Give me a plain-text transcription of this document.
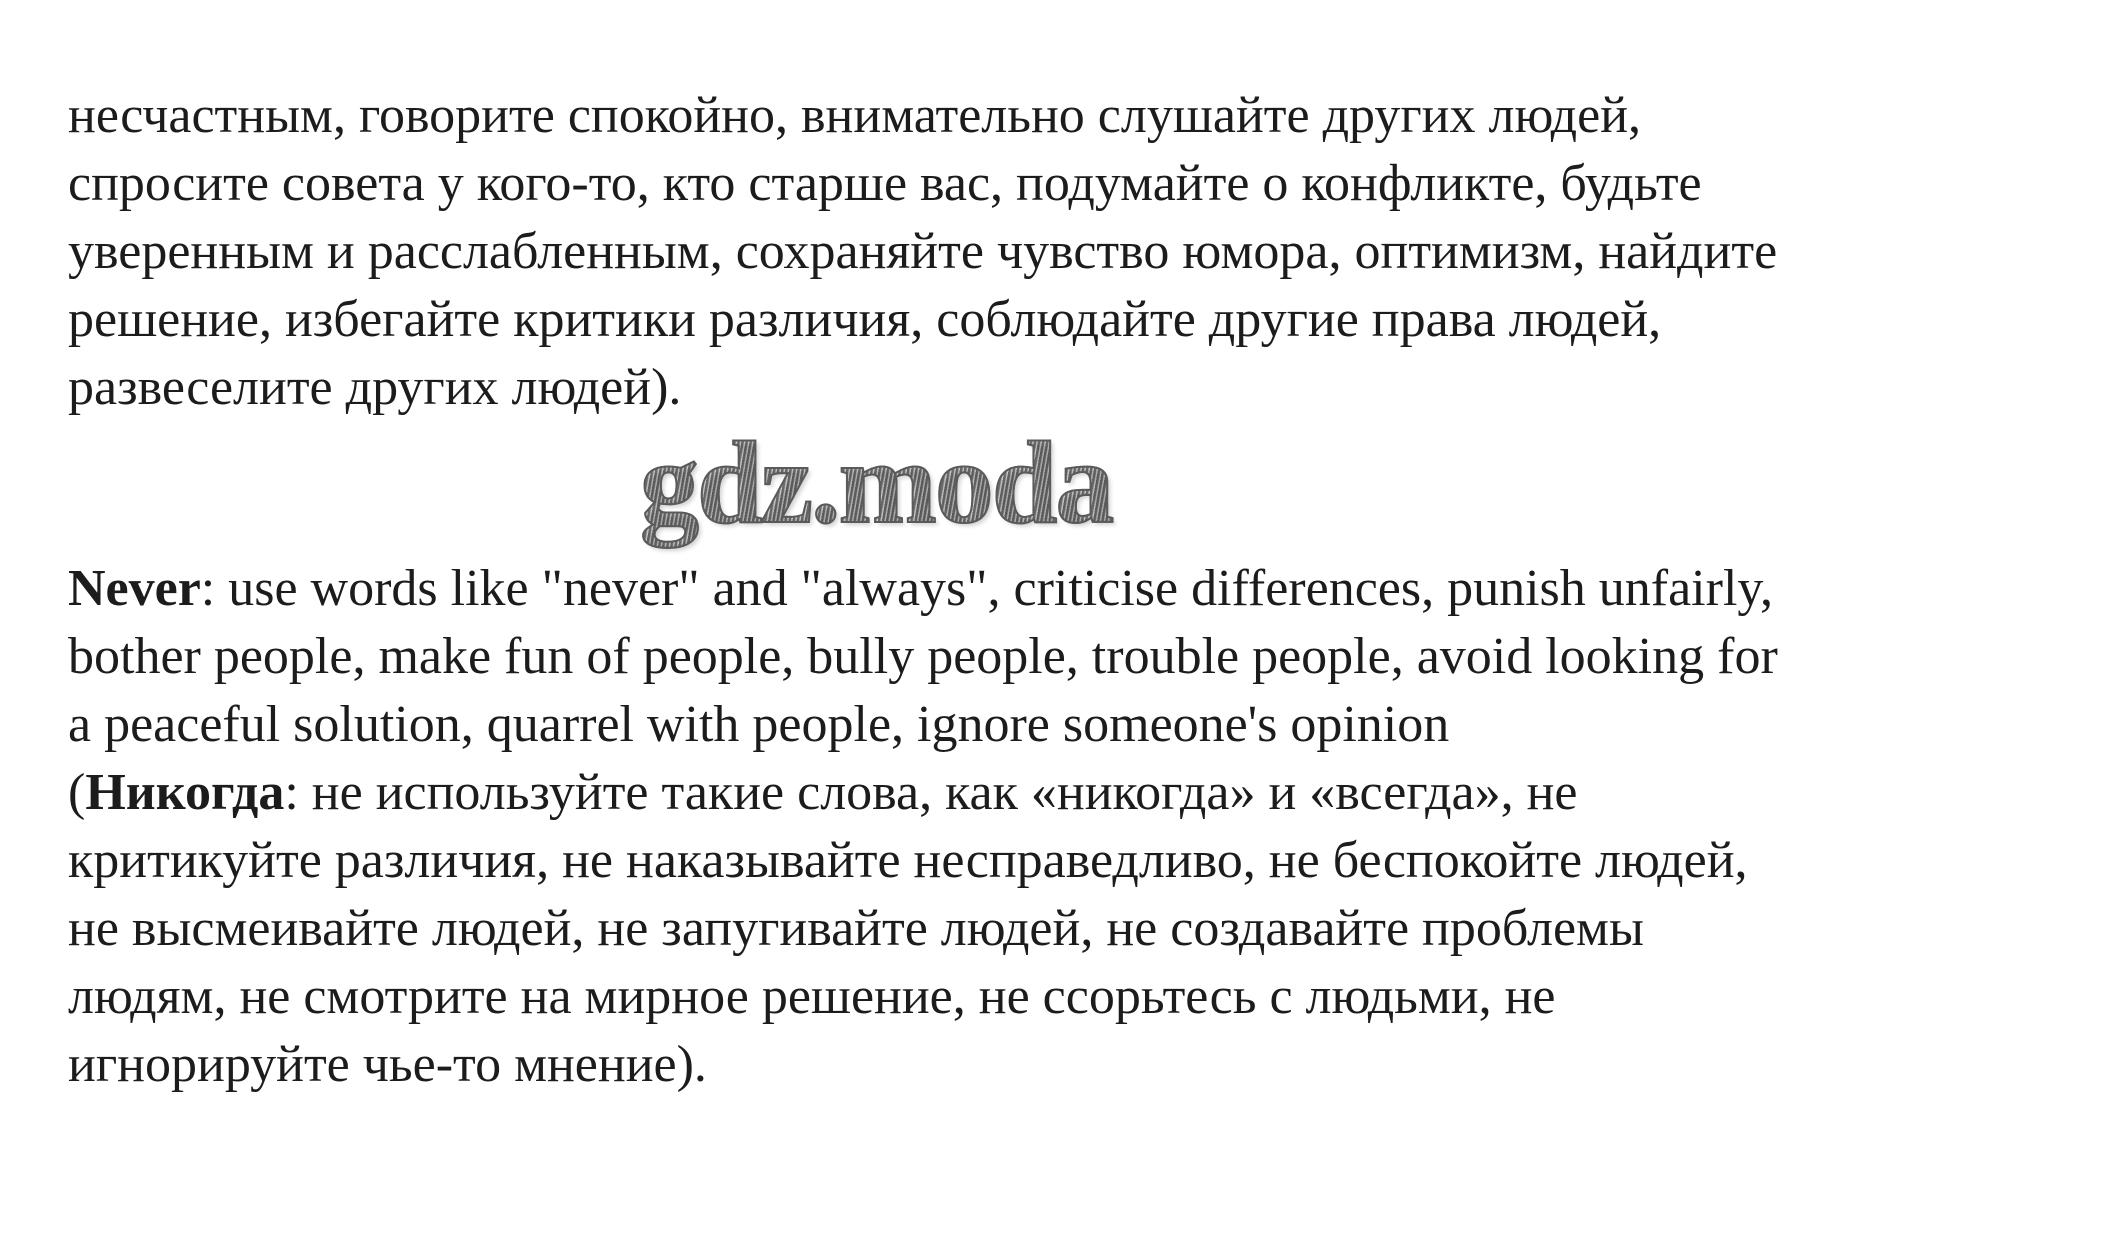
несчастным, говорите спокойно, внимательно слушайте других людей,
спросите совета у кого-то, кто старше вас, подумайте о конфликте, будьте
уверенным и расслабленным, сохраняйте чувство юмора, оптимизм, найдите
решение, избегайте критики различия, соблюдайте другие права людей,
развеселите других людей).
gdz.moda
Never: use words like "never" and "always", criticise differences, punish unfairly,
bother people, make fun of people, bully people, trouble people, avoid looking for
a peaceful solution, quarrel with people, ignore someone's opinion
(Никогда: не используйте такие слова, как «никогда» и «всегда», не
критикуйте различия, не наказывайте несправедливо, не беспокойте людей,
не высмеивайте людей, не запугивайте людей, не создавайте проблемы
людям, не смотрите на мирное решение, не ссорьтесь с людьми, не
игнорируйте чье-то мнение).
